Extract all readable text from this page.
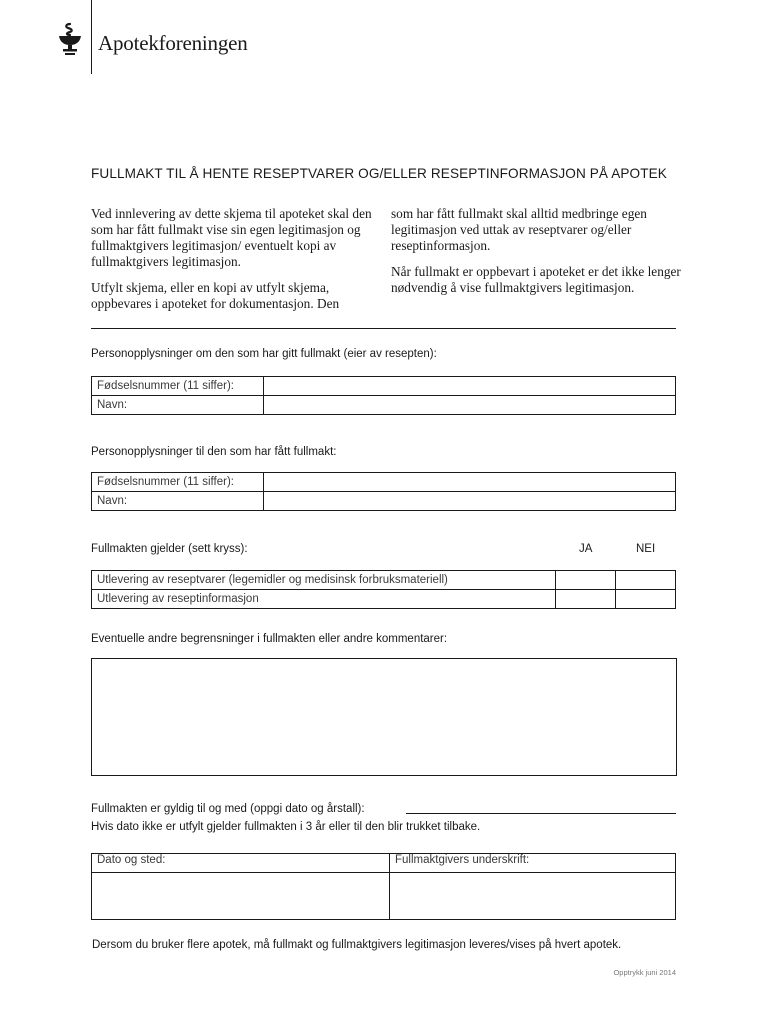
Apotekforeningen
FULLMAKT TIL Å HENTE RESEPTVARER OG/ELLER RESEPTINFORMASJON PÅ APOTEK

Ved innlevering av dette skjema til apoteket skal den som har fått fullmakt vise sin egen legitimasjon og fullmaktgivers legitimasjon/ eventuelt kopi av fullmaktgivers legitimasjon.

Utfylt skjema, eller en kopi av utfylt skjema, oppbevares i apoteket for dokumentasjon. Den

som har fått fullmakt skal alltid medbringe egen legitimasjon ved uttak av reseptvarer og/eller reseptinformasjon.

Når fullmakt er oppbevart i apoteket er det ikke lenger nødvendig å vise fullmaktgivers legitimasjon.

Personopplysninger om den som har gitt fullmakt (eier av resepten):
Fødselsnummer (11 siffer):	
Navn:	
Personopplysninger til den som har fått fullmakt:
Fødselsnummer (11 siffer):	
Navn:	
Fullmakten gjelder (sett kryss):	JA	NEI
Utlevering av reseptvarer (legemidler og medisinsk forbruksmateriell)		
Utlevering av reseptinformasjon		
Eventuelle andre begrensninger i fullmakten eller andre kommentarer:
Fullmakten er gyldig til og med (oppgi dato og årstall):
Hvis dato ikke er utfylt gjelder fullmakten i 3 år eller til den blir trukket tilbake.
Dato og sted:	Fullmaktgivers underskrift:

Dersom du bruker flere apotek, må fullmakt og fullmaktgivers legitimasjon leveres/vises på hvert apotek.
Opptrykk juni 2014
